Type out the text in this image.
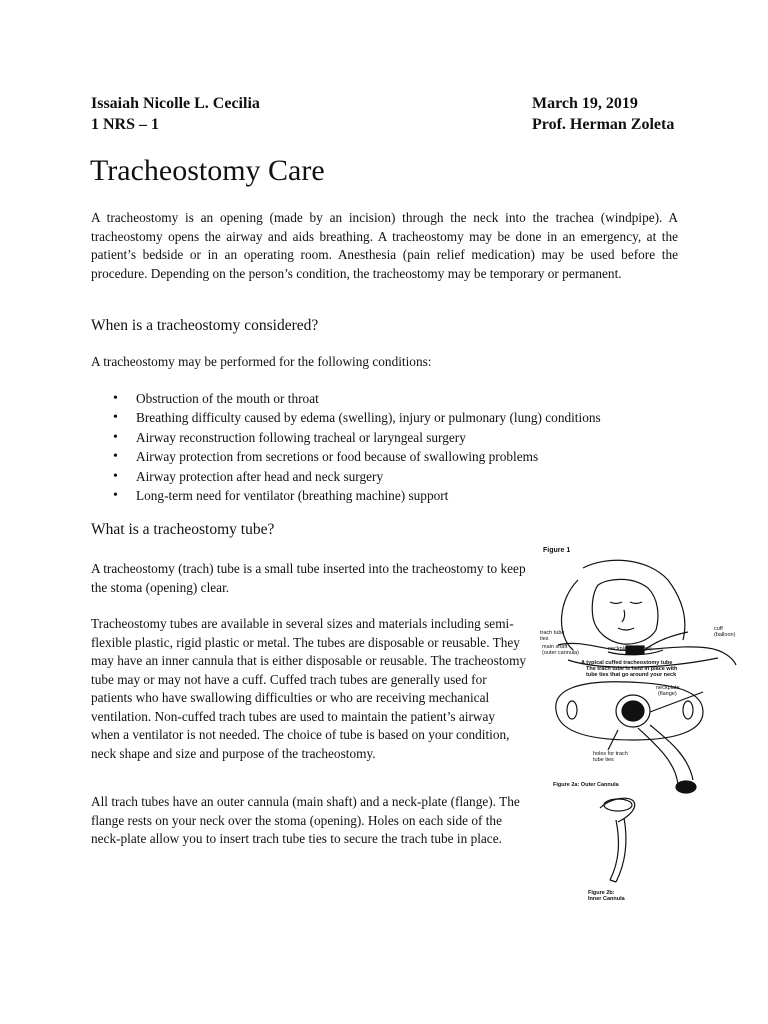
Issaiah Nicolle L. Cecilia
1 NRS – 1
March 19, 2019
Prof. Herman Zoleta
Tracheostomy Care

A tracheostomy is an opening (made by an incision) through the neck into the trachea (windpipe). A tracheostomy opens the airway and aids breathing. A tracheostomy may be done in an emergency, at the patient’s bedside or in an operating room. Anesthesia (pain relief medication) may be used before the procedure. Depending on the person’s condition, the tracheostomy may be temporary or permanent.

When is a tracheostomy considered?

A tracheostomy may be performed for the following conditions:

• Obstruction of the mouth or throat
• Breathing difficulty caused by edema (swelling), injury or pulmonary (lung) conditions
• Airway reconstruction following tracheal or laryngeal surgery
• Airway protection from secretions or food because of swallowing problems
• Airway protection after head and neck surgery
• Long-term need for ventilator (breathing machine) support
What is a tracheostomy tube?

A tracheostomy (trach) tube is a small tube inserted into the tracheostomy to keep the stoma (opening) clear.

Tracheostomy tubes are available in several sizes and materials including semi-flexible plastic, rigid plastic or metal. The tubes are disposable or reusable. They may have an inner cannula that is either disposable or reusable. The tracheostomy tube may or may not have a cuff. Cuffed trach tubes are generally used for patients who have swallowing difficulties or who are receiving mechanical ventilation. Non-cuffed trach tubes are used to maintain the patient’s airway when a ventilator is not needed. The choice of tube is based on your condition, neck shape and size and purpose of the tracheostomy.

All trach tubes have an outer cannula (main shaft) and a neck-plate (flange). The flange rests on your neck over the stoma (opening). Holes on each side of the neck-plate allow you to insert trach tube ties to secure the trach tube in place.

Figure 1
trach tube
ties
main shaft
(outer cannula)
neckplate (flange)
cuff
(balloon)
A typical cuffed tracheostomy tube
The trach tube is held in place with
tube ties that go around your neck
neckplate
(flange)
holes for trach
tube ties
Figure 2a: Outer Cannula
Figure 2b:
Inner Cannula
